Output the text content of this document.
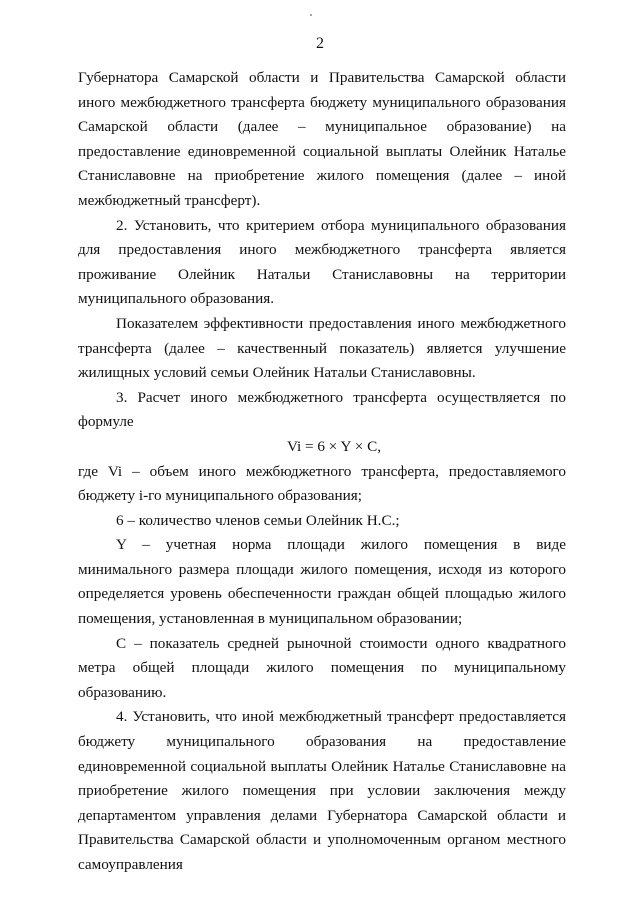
2

Губернатора Самарской области и Правительства Самарской области иного межбюджетного трансферта бюджету муниципального образования Самарской области (далее – муниципальное образование) на предоставление единовременной социальной выплаты Олейник Наталье Станиславовне на приобретение жилого помещения (далее – иной межбюджетный трансферт).

2. Установить, что критерием отбора муниципального образования для предоставления иного межбюджетного трансферта является проживание Олейник Натальи Станиславовны на территории муниципального образования.

Показателем эффективности предоставления иного межбюджетного трансферта (далее – качественный показатель) является улучшение жилищных условий семьи Олейник Натальи Станиславовны.

3. Расчет иного межбюджетного трансферта осуществляется по формуле

Vi = 6 × Y × C,

где Vi – объем иного межбюджетного трансферта, предоставляемого бюджету i-го муниципального образования;

6 – количество членов семьи Олейник Н.С.;

Y – учетная норма площади жилого помещения в виде минимального размера площади жилого помещения, исходя из которого определяется уровень обеспеченности граждан общей площадью жилого помещения, установленная в муниципальном образовании;

С – показатель средней рыночной стоимости одного квадратного метра общей площади жилого помещения по муниципальному образованию.

4. Установить, что иной межбюджетный трансферт предоставляется бюджету муниципального образования на предоставление единовременной социальной выплаты Олейник Наталье Станиславовне на приобретение жилого помещения при условии заключения между департаментом управления делами Губернатора Самарской области и Правительства Самарской области и уполномоченным органом местного самоуправления
